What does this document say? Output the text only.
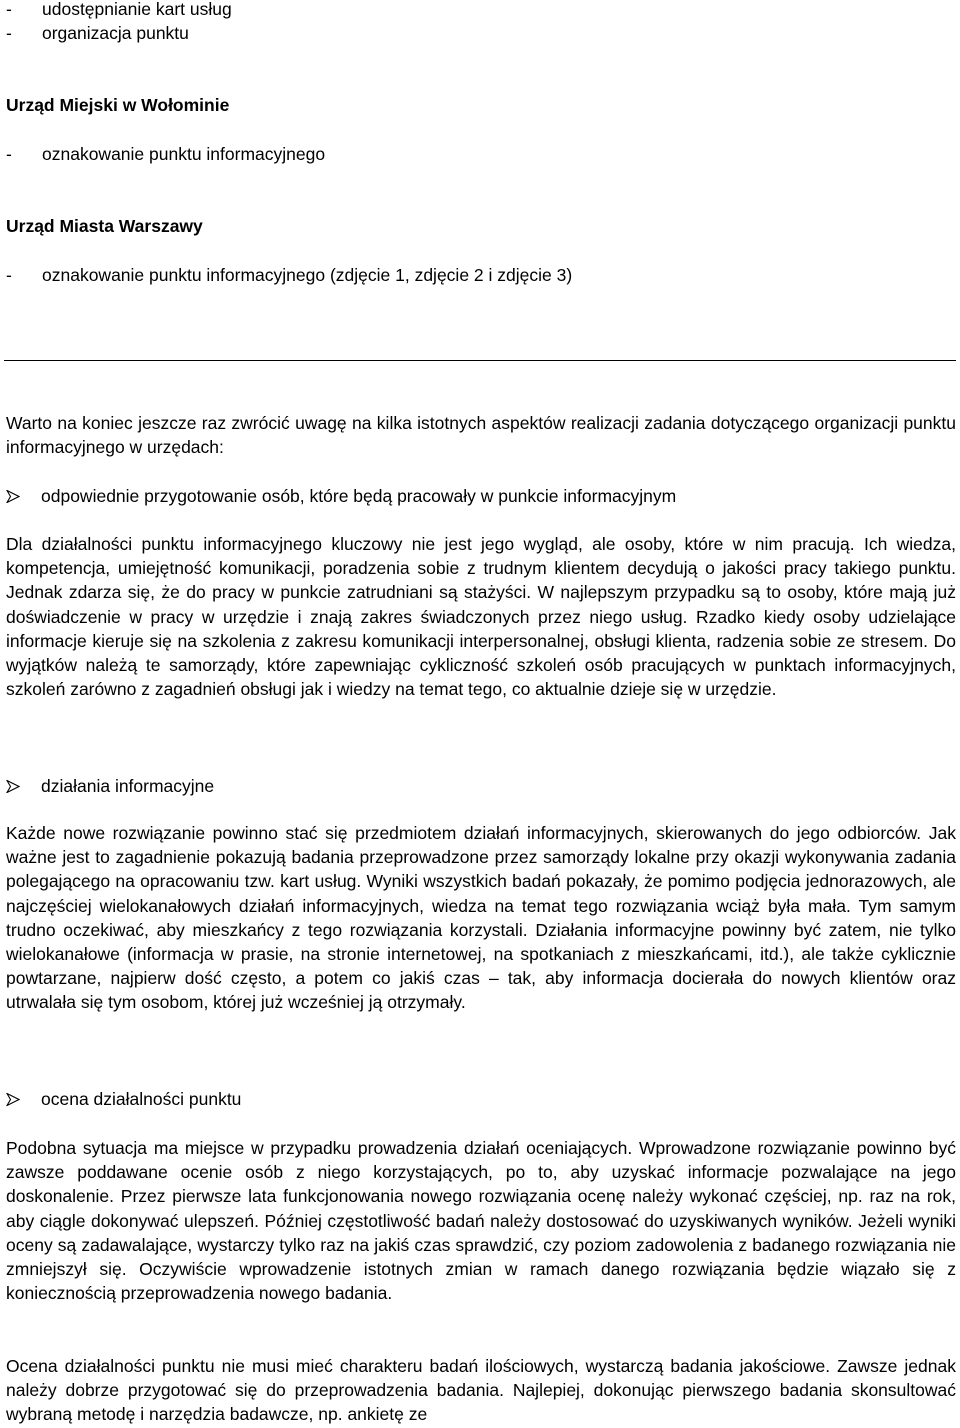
- udostępnianie kart usług
- organizacja punktu
Urząd Miejski w Wołominie
- oznakowanie punktu informacyjnego
Urząd Miasta Warszawy
- oznakowanie punktu informacyjnego (zdjęcie 1, zdjęcie 2 i zdjęcie 3)

Warto na koniec jeszcze raz zwrócić uwagę na kilka istotnych aspektów realizacji zadania dotyczącego organizacji punktu informacyjnego w urzędach:

odpowiednie przygotowanie osób, które będą pracowały w punkcie informacyjnym

Dla działalności punktu informacyjnego kluczowy nie jest jego wygląd, ale osoby, które w nim pracują. Ich wiedza, kompetencja, umiejętność komunikacji, poradzenia sobie z trudnym klientem decydują o jakości pracy takiego punktu. Jednak zdarza się, że do pracy w punkcie zatrudniani są stażyści. W najlepszym przypadku są to osoby, które mają już doświadczenie w pracy w urzędzie i znają zakres świadczonych przez niego usług. Rzadko kiedy osoby udzielające informacje kieruje się na szkolenia z zakresu komunikacji interpersonalnej, obsługi klienta, radzenia sobie ze stresem. Do wyjątków należą te samorządy, które zapewniając cykliczność szkoleń osób pracujących w punktach informacyjnych, szkoleń zarówno z zagadnień obsługi jak i wiedzy na temat tego, co aktualnie dzieje się w urzędzie.

działania informacyjne

Każde nowe rozwiązanie powinno stać się przedmiotem działań informacyjnych, skierowanych do jego odbiorców. Jak ważne jest to zagadnienie pokazują badania przeprowadzone przez samorządy lokalne przy okazji wykonywania zadania polegającego na opracowaniu tzw. kart usług. Wyniki wszystkich badań pokazały, że pomimo podjęcia jednorazowych, ale najczęściej wielokanałowych działań informacyjnych, wiedza na temat tego rozwiązania wciąż była mała. Tym samym trudno oczekiwać, aby mieszkańcy z tego rozwiązania korzystali. Działania informacyjne powinny być zatem, nie tylko wielokanałowe (informacja w prasie, na stronie internetowej, na spotkaniach z mieszkańcami, itd.), ale także cyklicznie powtarzane, najpierw dość często, a potem co jakiś czas – tak, aby informacja docierała do nowych klientów oraz utrwalała się tym osobom, której już wcześniej ją otrzymały.

ocena działalności punktu

Podobna sytuacja ma miejsce w przypadku prowadzenia działań oceniających. Wprowadzone rozwiązanie powinno być zawsze poddawane ocenie osób z niego korzystających, po to, aby uzyskać informacje pozwalające na jego doskonalenie. Przez pierwsze lata funkcjonowania nowego rozwiązania ocenę należy wykonać częściej, np. raz na rok, aby ciągle dokonywać ulepszeń. Później częstotliwość badań należy dostosować do uzyskiwanych wyników. Jeżeli wyniki oceny są zadawalające, wystarczy tylko raz na jakiś czas sprawdzić, czy poziom zadowolenia z badanego rozwiązania nie zmniejszył się. Oczywiście wprowadzenie istotnych zmian w ramach danego rozwiązania będzie wiązało się z koniecznością przeprowadzenia nowego badania.

Ocena działalności punktu nie musi mieć charakteru badań ilościowych, wystarczą badania jakościowe. Zawsze jednak należy dobrze przygotować się do przeprowadzenia badania. Najlepiej, dokonując pierwszego badania skonsultować wybraną metodę i narzędzia badawcze, np. ankietę ze
